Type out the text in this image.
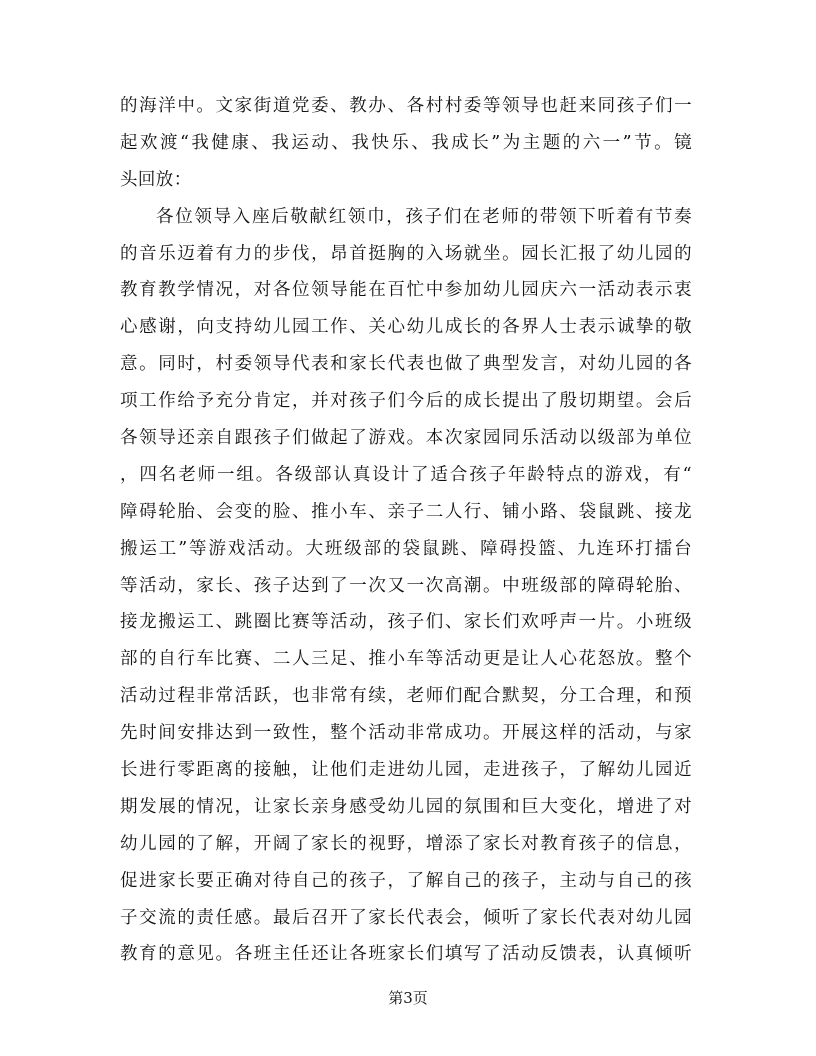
的海洋中。文家街道党委、教办、各村村委等领导也赶来同孩子们一
起欢渡“我健康、我运动、我快乐、我成长”为主题的六一”节。镜
头回放：
各位领导入座后敬献红领巾，孩子们在老师的带领下听着有节奏
的音乐迈着有力的步伐，昂首挺胸的入场就坐。园长汇报了幼儿园的
教育教学情况，对各位领导能在百忙中参加幼儿园庆六一活动表示衷
心感谢，向支持幼儿园工作、关心幼儿成长的各界人士表示诚挚的敬
意。同时，村委领导代表和家长代表也做了典型发言，对幼儿园的各
项工作给予充分肯定，并对孩子们今后的成长提出了殷切期望。会后
各领导还亲自跟孩子们做起了游戏。本次家园同乐活动以级部为单位
，四名老师一组。各级部认真设计了适合孩子年龄特点的游戏，有“
障碍轮胎、会变的脸、推小车、亲子二人行、铺小路、袋鼠跳、接龙
搬运工”等游戏活动。大班级部的袋鼠跳、障碍投篮、九连环打擂台
等活动，家长、孩子达到了一次又一次高潮。中班级部的障碍轮胎、
接龙搬运工、跳圈比赛等活动，孩子们、家长们欢呼声一片。小班级
部的自行车比赛、二人三足、推小车等活动更是让人心花怒放。整个
活动过程非常活跃，也非常有续，老师们配合默契，分工合理，和预
先时间安排达到一致性，整个活动非常成功。开展这样的活动，与家
长进行零距离的接触，让他们走进幼儿园，走进孩子，了解幼儿园近
期发展的情况，让家长亲身感受幼儿园的氛围和巨大变化，增进了对
幼儿园的了解，开阔了家长的视野，增添了家长对教育孩子的信息，
促进家长要正确对待自己的孩子，了解自己的孩子，主动与自己的孩
子交流的责任感。最后召开了家长代表会，倾听了家长代表对幼儿园
教育的意见。各班主任还让各班家长们填写了活动反馈表，认真倾听
第3页
